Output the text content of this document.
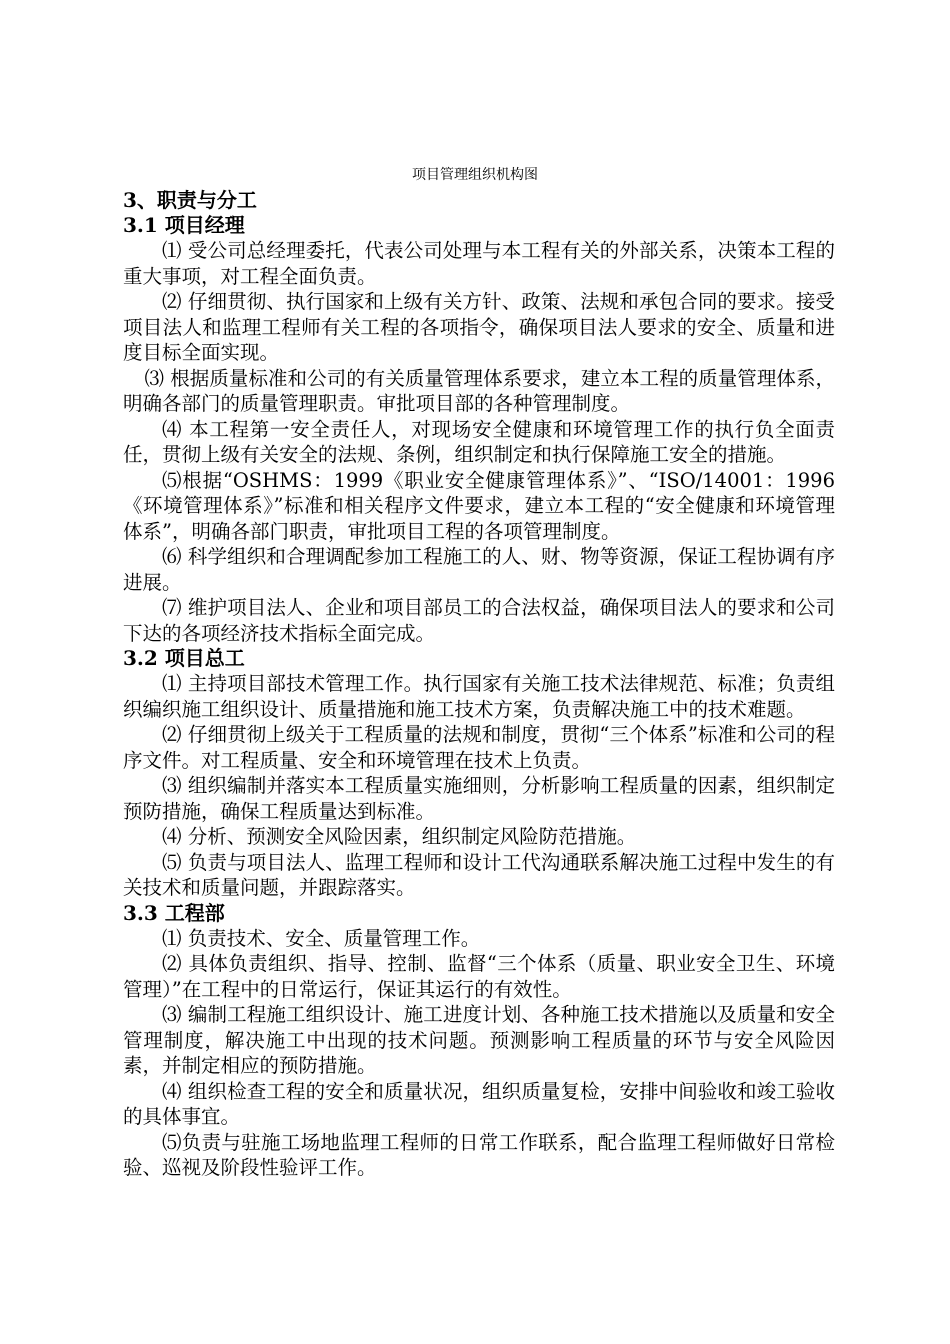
项目管理组织机构图

3、职责与分工

3.1 项目经理

⑴ 受公司总经理委托，代表公司处理与本工程有关的外部关系，决策本工程的重大事项，对工程全面负责。

⑵ 仔细贯彻、执行国家和上级有关方针、政策、法规和承包合同的要求。接受项目法人和监理工程师有关工程的各项指令，确保项目法人要求的安全、质量和进度目标全面实现。

⑶ 根据质量标准和公司的有关质量管理体系要求，建立本工程的质量管理体系，明确各部门的质量管理职责。审批项目部的各种管理制度。

⑷ 本工程第一安全责任人，对现场安全健康和环境管理工作的执行负全面责任，贯彻上级有关安全的法规、条例，组织制定和执行保障施工安全的措施。

⑸根据“OSHMS：1999《职业安全健康管理体系》”、“ISO/14001：1996《环境管理体系》”标准和相关程序文件要求，建立本工程的“安全健康和环境管理体系”，明确各部门职责，审批项目工程的各项管理制度。

⑹ 科学组织和合理调配参加工程施工的人、财、物等资源，保证工程协调有序进展。

⑺ 维护项目法人、企业和项目部员工的合法权益，确保项目法人的要求和公司下达的各项经济技术指标全面完成。

3.2 项目总工

⑴ 主持项目部技术管理工作。执行国家有关施工技术法律规范、标准；负责组织编织施工组织设计、质量措施和施工技术方案，负责解决施工中的技术难题。

⑵ 仔细贯彻上级关于工程质量的法规和制度，贯彻“三个体系”标准和公司的程序文件。对工程质量、安全和环境管理在技术上负责。

⑶ 组织编制并落实本工程质量实施细则，分析影响工程质量的因素，组织制定预防措施，确保工程质量达到标准。

⑷ 分析、预测安全风险因素，组织制定风险防范措施。

⑸ 负责与项目法人、监理工程师和设计工代沟通联系解决施工过程中发生的有关技术和质量问题，并跟踪落实。

3.3 工程部

⑴ 负责技术、安全、质量管理工作。

⑵ 具体负责组织、指导、控制、监督“三个体系（质量、职业安全卫生、环境管理）”在工程中的日常运行，保证其运行的有效性。

⑶ 编制工程施工组织设计、施工进度计划、各种施工技术措施以及质量和安全管理制度，解决施工中出现的技术问题。预测影响工程质量的环节与安全风险因素，并制定相应的预防措施。

⑷ 组织检查工程的安全和质量状况，组织质量复检，安排中间验收和竣工验收的具体事宜。

⑸负责与驻施工场地监理工程师的日常工作联系，配合监理工程师做好日常检验、巡视及阶段性验评工作。
